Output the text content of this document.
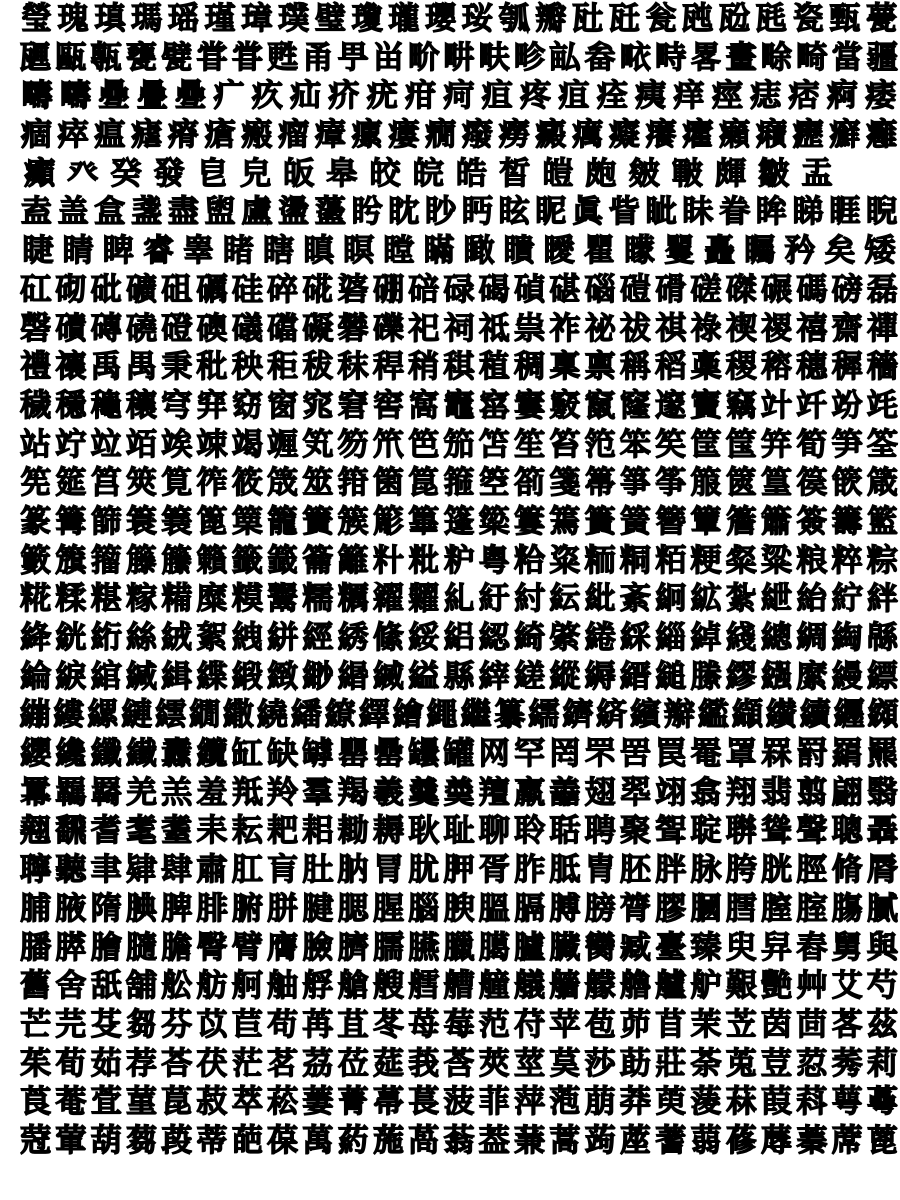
瑩 瑰 瑱 瑪 瑶 瑾 璋 璞 璧 瓊 瓏 瓔 珱 瓠 瓣 瓧 瓩 瓮 瓲 瓰 瓱 瓷 甄 甍
甅 甌 甎 甕 甓 甞 甞 甦 甬 甼 畄 畍 畊 畉 畛 畆 畚 畩 畤 畧 畫 畭 畸 當 疆
疇 疇 疉 疊 疉 疒 疚 疝 疥 疣 疳 疴 疸 疼 疽 痊 痍 痒 痙 痣 痞 痾 痿
痼 瘁 瘟 瘧 瘠 瘡 瘢 瘤 瘴 瘰 瘻 癇 癈 癆 癜 癘 癡 癢 癨 癩 癪 癧 癬 癰
癲 癶 癸 發 皀 皃 皈 皋 皎 皖 皓 皙 皚 皰 皴 皸 皹 皺 盂
盍 盖 盒 盞 盡 盥 盧 盪 蘯 盻 眈 眇 眄 眩 眤 眞 眥 眦 眛 眷 眸 睇 睚 睨
睫 睛 睥 睿 睾 睹 瞎 瞋 瞑 瞠 瞞 瞰 瞶 瞹 瞿 矇 矍 矗 矚 矜 矣 矮
矼 砌 砒 礦 砠 礪 硅 碎 硴 碆 硼 碚 碌 碣 碵 碪 碯 磑 磆 磋 磔 碾 碼 磅 磊
磬 磧 磚 磽 磴 礇 礒 礑 礙 礬 礫 祀 祠 祗 祟 祚 祕 祓 祺 祿 禊 禝 禧 齋 禪
禮 禳 禹 禺 秉 秕 秧 秬 秡 秣 稈 稍 稘 稙 稠 稟 禀 稱 稻 稾 稷 穃 穗 穉 穡
穢 穩 龝 穰 穹 穽 窈 窗 窕 窘 窖 窩 竈 窰 窶 竅 竄 窿 邃 竇 竊 竍 竏 竕 竓
站 竚 竝 竡 竢 竦 竭 竰 笂 笏 笊 笆 笳 笘 笙 笞 笵 笨 笶 筐 筺 笄 筍 笋 筌
筅 筵 筥 筴 筧 筰 筱 筬 筮 箝 箘 箟 箍 箜 箚 箋 箒 箏 筝 箙 篋 篁 篌 篏 箴
篆 篝 篩 簑 簔 篦 篥 籠 簀 簇 簓 篳 篷 簗 簍 篶 簣 簧 簪 簟 簷 簫 簽 籌 籃
籔 籏 籀 籐 籘 籟 籤 籖 籥 籬 籵 粃 粐 粤 粭 粢 粫 粡 粨 粳 粲 粱 粮 粹 粽
糀 糅 糂 糘 糒 糜 糢 鬻 糯 糲 糴 糶 糺 紆 紂 紜 紕 紊 絅 絋 紮 紲 紿 紵 絆
絳 絖 絎 絲 絨 絮 絏 絣 經 綉 絛 綏 絽 綛 綺 綮 綣 綵 緇 綽 綫 總 綢 綯 緜
綸 綟 綰 緘 緝 緤 緞 緻 緲 緡 縅 縊 縣 縡 縒 縱 縟 縉 縋 縢 繆 繦 縻 縵 縹
繃 縷 縲 縺 繧 繝 繖 繞 繙 繚 繹 繪 繩 繼 纂 繻 纃 緕 繽 辮 繿 纈 纉 續 纒 纐
纓 纔 纖 纎 纛 纜 缸 缺 罅 罌 罍 罎 罐 网 罕 罔 罘 罟 罠 罨 罩 罧 罸 羂 羆
羃 羈 羇 羌 羔 羞 羝 羚 羣 羯 羲 羹 羮 羶 羸 譱 翅 翆 翊 翕 翔 翡 翦 翩 翳
翹 飜 耆 耄 耋 耒 耘 耙 耜 耡 耨 耿 耻 聊 聆 聒 聘 聚 聟 聢 聨 聳 聲 聰 聶
聹 聽 聿 肄 肆 肅 肛 肓 肚 肭 冐 肬 胛 胥 胙 胝 胄 胚 胖 脉 胯 胱 脛 脩 脣
脯 腋 隋 腆 脾 腓 腑 胼 腱 腮 腥 腦 腴 膃 膈 膊 膀 膂 膠 膕 膤 膣 腟 膓 膩
膰 膵 膾 膸 膽 臀 臂 膺 臉 臍 臑 臙 臘 臈 臚 臟 臠 臧 臺 臻 臾 舁 舂 舅 與
舊 舍 舐 舖 舩 舫 舸 舳 艀 艙 艘 艝 艚 艟 艤 艢 艨 艪 艫 舮 艱 艷 艸 艾 芍
芒 芫 芟 芻 芬 苡 苣 苟 苒 苴 苳 苺 莓 范 苻 苹 苞 茆 苜 茉 苙 茵 茴 茖 茲
茱 荀 茹 荐 荅 茯 茫 茗 茘 莅 莚 莪 莟 莢 莖 茣 莎 莇 莊 荼 莵 荳 荵 莠 莉
莨 菴 萓 菫 菎 菽 萃 菘 萋 菁 菷 萇 菠 菲 萍 萢 萠 莽 萸 蔆 菻 葭 萪 萼 蕚
蒄 葷 葫 蒭 葮 蒂 葩 葆 萬 葯 葹 萵 蓊 葢 蒹 蒿 蒟 蓙 蓍 蒻 蓚 蓐 蓁 蓆 蓖
